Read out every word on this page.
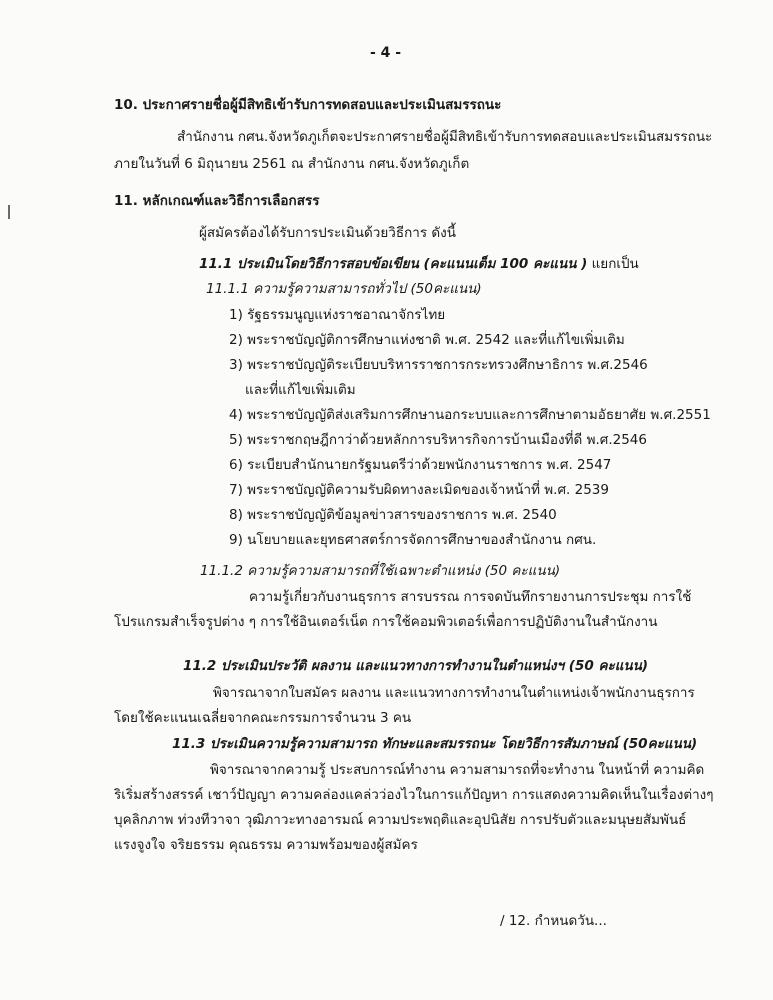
- 4 -
10. ประกาศรายชื่อผู้มีสิทธิเข้ารับการทดสอบและประเมินสมรรถนะ
สำนักงาน กศน.จังหวัดภูเก็ตจะประกาศรายชื่อผู้มีสิทธิเข้ารับการทดสอบและประเมินสมรรถนะ
ภายในวันที่ 6 มิถุนายน 2561 ณ สำนักงาน กศน.จังหวัดภูเก็ต
11. หลักเกณฑ์และวิธีการเลือกสรร
ผู้สมัครต้องได้รับการประเมินด้วยวิธีการ ดังนี้
11.1 ประเมินโดยวิธีการสอบข้อเขียน (คะแนนเต็ม 100 คะแนน ) แยกเป็น
11.1.1 ความรู้ความสามารถทั่วไป (50คะแนน)
1) รัฐธรรมนูญแห่งราชอาณาจักรไทย
2) พระราชบัญญัติการศึกษาแห่งชาติ พ.ศ. 2542 และที่แก้ไขเพิ่มเติม
3) พระราชบัญญัติระเบียบบริหารราชการกระทรวงศึกษาธิการ พ.ศ.2546
และที่แก้ไขเพิ่มเติม
4) พระราชบัญญัติส่งเสริมการศึกษานอกระบบและการศึกษาตามอัธยาศัย พ.ศ.2551
5) พระราชกฤษฎีกาว่าด้วยหลักการบริหารกิจการบ้านเมืองที่ดี พ.ศ.2546
6) ระเบียบสำนักนายกรัฐมนตรีว่าด้วยพนักงานราชการ พ.ศ. 2547
7) พระราชบัญญัติความรับผิดทางละเมิดของเจ้าหน้าที่ พ.ศ. 2539
8) พระราชบัญญัติข้อมูลข่าวสารของราชการ พ.ศ. 2540
9) นโยบายและยุทธศาสตร์การจัดการศึกษาของสำนักงาน กศน.
11.1.2 ความรู้ความสามารถที่ใช้เฉพาะตำแหน่ง (50 คะแนน)
ความรู้เกี่ยวกับงานธุรการ สารบรรณ การจดบันทึกรายงานการประชุม การใช้
โปรแกรมสำเร็จรูปต่าง ๆ การใช้อินเตอร์เน็ต การใช้คอมพิวเตอร์เพื่อการปฏิบัติงานในสำนักงาน
11.2 ประเมินประวัติ ผลงาน และแนวทางการทำงานในตำแหน่งฯ (50 คะแนน)
พิจารณาจากใบสมัคร ผลงาน และแนวทางการทำงานในตำแหน่งเจ้าพนักงานธุรการ
โดยใช้คะแนนเฉลี่ยจากคณะกรรมการจำนวน 3 คน
11.3 ประเมินความรู้ความสามารถ ทักษะและสมรรถนะ โดยวิธีการสัมภาษณ์ (50คะแนน)
พิจารณาจากความรู้ ประสบการณ์ทำงาน ความสามารถที่จะทำงาน ในหน้าที่ ความคิด
ริเริ่มสร้างสรรค์ เชาว์ปัญญา ความคล่องแคล่วว่องไวในการแก้ปัญหา การแสดงความคิดเห็นในเรื่องต่างๆ
บุคลิกภาพ ท่วงทีวาจา วุฒิภาวะทางอารมณ์ ความประพฤติและอุปนิสัย การปรับตัวและมนุษยสัมพันธ์
แรงจูงใจ จริยธรรม คุณธรรม ความพร้อมของผู้สมัคร
/ 12. กำหนดวัน...
